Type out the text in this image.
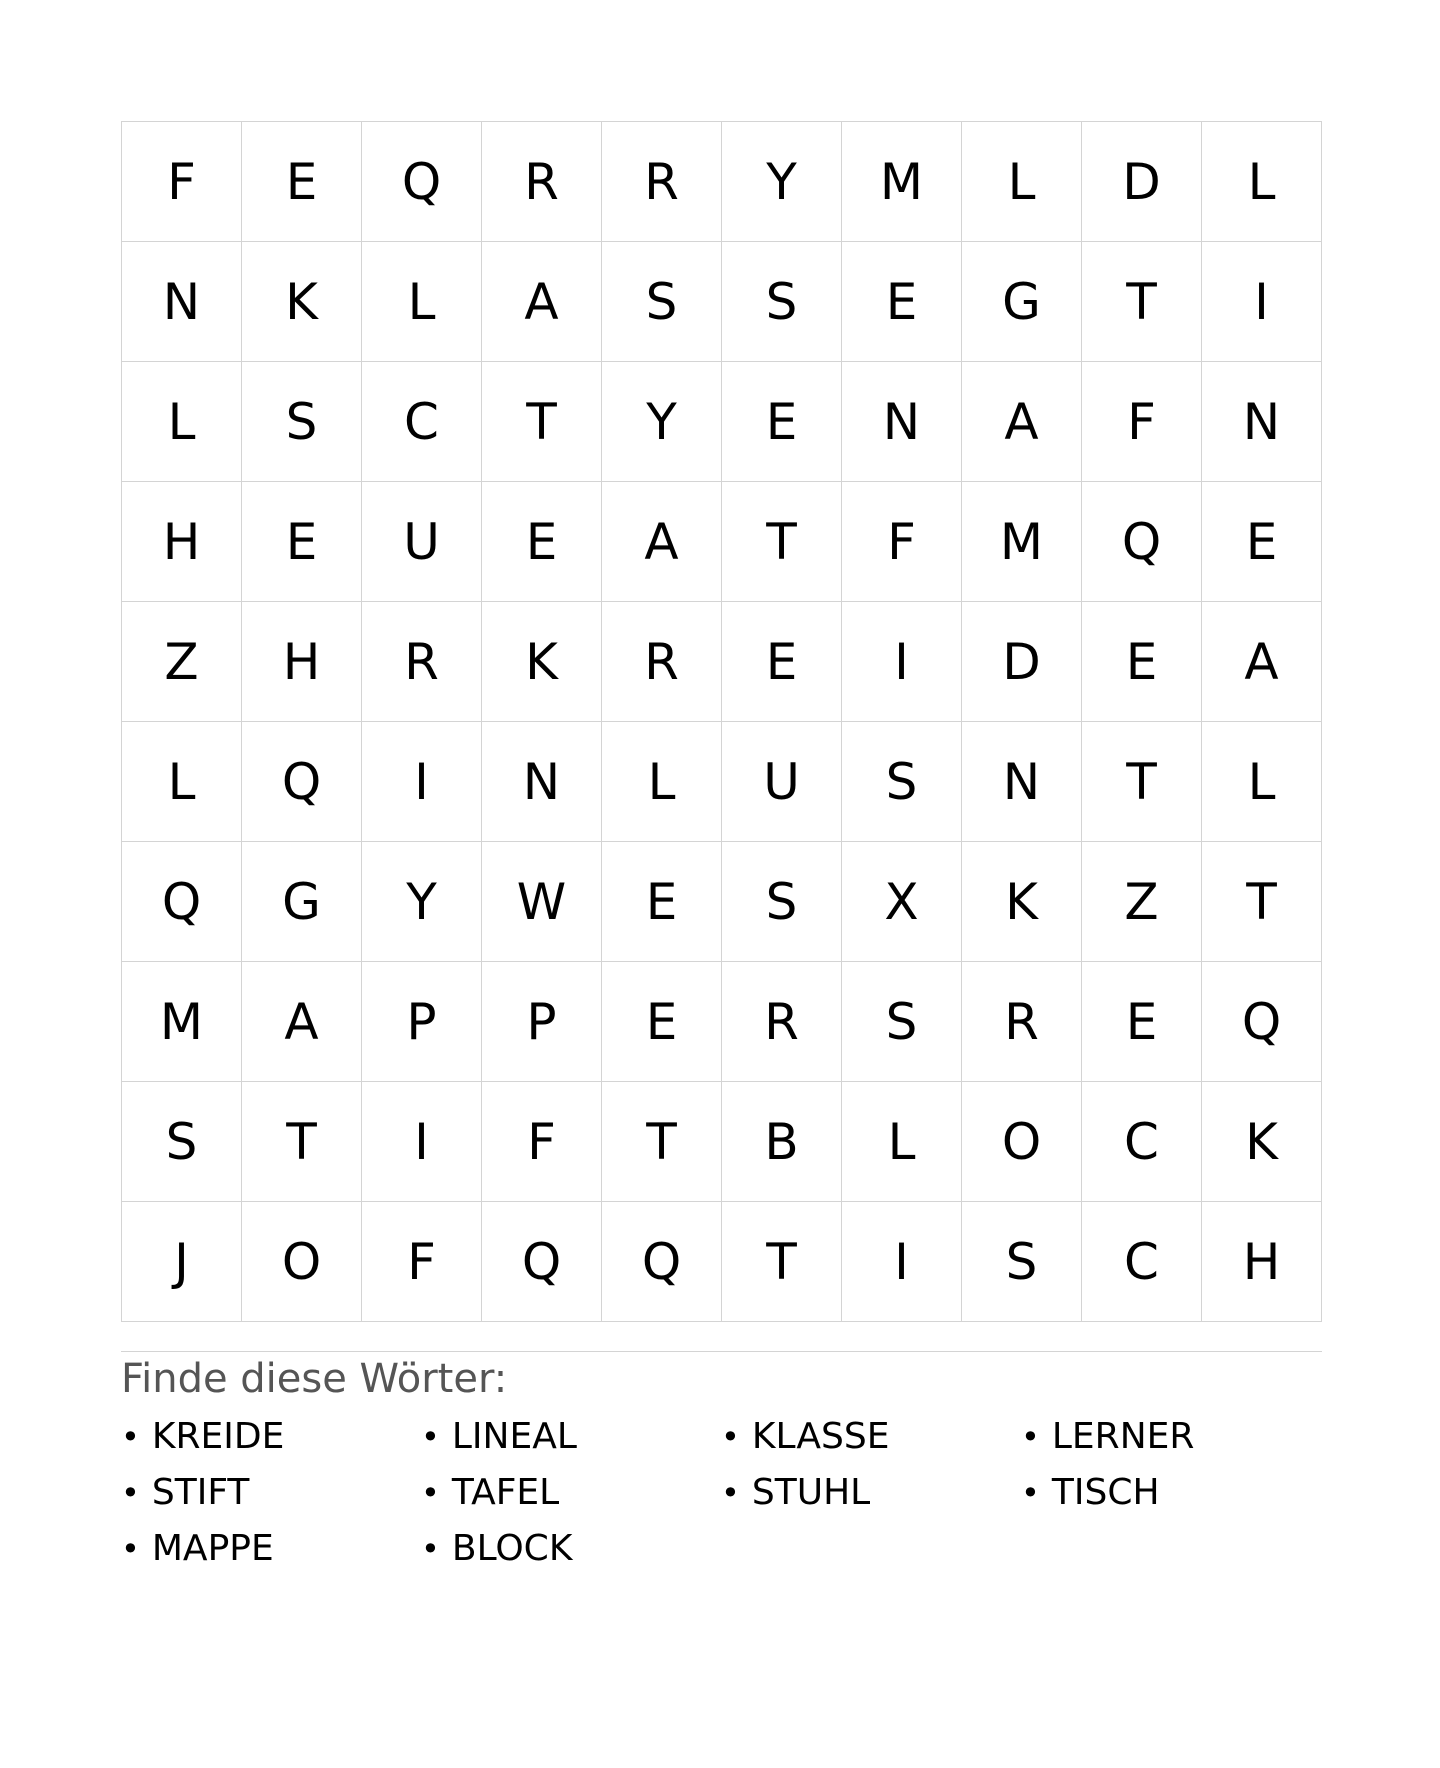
F	E	Q	R	R	Y	M	L	D	L
N	K	L	A	S	S	E	G	T	I
L	S	C	T	Y	E	N	A	F	N
H	E	U	E	A	T	F	M	Q	E
Z	H	R	K	R	E	I	D	E	A
L	Q	I	N	L	U	S	N	T	L
Q	G	Y	W	E	S	X	K	Z	T
M	A	P	P	E	R	S	R	E	Q
S	T	I	F	T	B	L	O	C	K
J	O	F	Q	Q	T	I	S	C	H
Finde diese Wörter:
• KREIDE	• LINEAL	• KLASSE	• LERNER
• STIFT	• TAFEL	• STUHL	• TISCH
• MAPPE	• BLOCK
